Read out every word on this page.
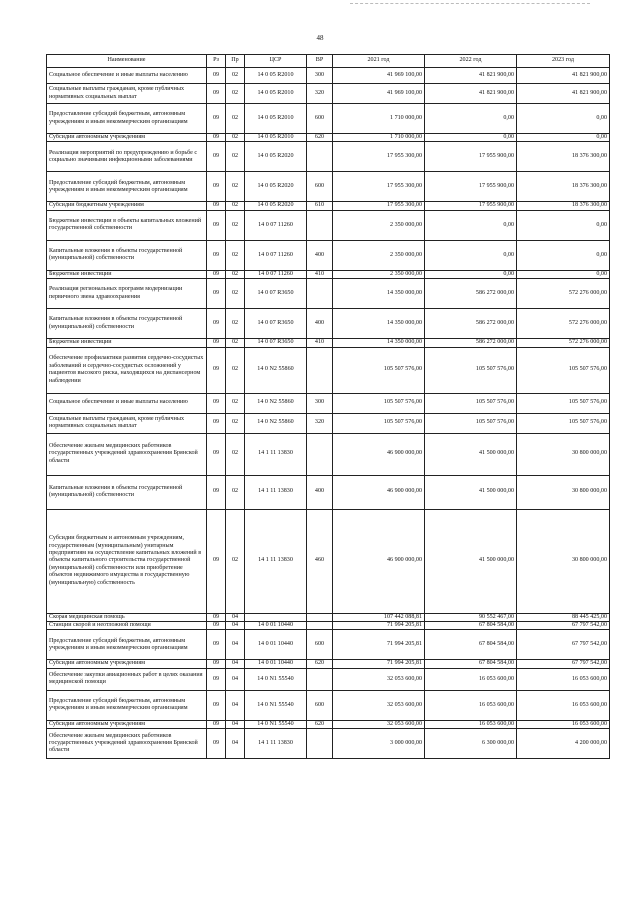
48
Наименование	Рз	Пр	ЦСР	ВР	2021 год	2022 год	2023 год
Социальное обеспечение и иные выплаты населению	09	02	14 0 05 R2010	300	41 969 100,00	41 821 900,00	41 821 900,00
Социальные выплаты гражданам, кроме публичных нормативных социальных выплат	09	02	14 0 05 R2010	320	41 969 100,00	41 821 900,00	41 821 900,00
Предоставление субсидий бюджетным, автономным учреждениям и иным некоммерческим организациям	09	02	14 0 05 R2010	600	1 710 000,00	0,00	0,00
Субсидии автономным учреждениям	09	02	14 0 05 R2010	620	1 710 000,00	0,00	0,00
Реализация мероприятий по предупреждению и борьбе с социально значимыми инфекционными заболеваниями	09	02	14 0 05 R2020		17 955 300,00	17 955 900,00	18 376 300,00
Предоставление субсидий бюджетным, автономным учреждениям и иным некоммерческим организациям	09	02	14 0 05 R2020	600	17 955 300,00	17 955 900,00	18 376 300,00
Субсидии бюджетным учреждениям	09	02	14 0 05 R2020	610	17 955 300,00	17 955 900,00	18 376 300,00
Бюджетные инвестиции в объекты капитальных вложений государственной собственности	09	02	14 0 07 11260		2 350 000,00	0,00	0,00
Капитальные вложения в объекты государственной (муниципальной) собственности	09	02	14 0 07 11260	400	2 350 000,00	0,00	0,00
Бюджетные инвестиции	09	02	14 0 07 11260	410	2 350 000,00	0,00	0,00
Реализация региональных программ модернизации первичного звена здравоохранения	09	02	14 0 07 R3650		14 350 000,00	586 272 000,00	572 276 000,00
Капитальные вложения в объекты государственной (муниципальной) собственности	09	02	14 0 07 R3650	400	14 350 000,00	586 272 000,00	572 276 000,00
Бюджетные инвестиции	09	02	14 0 07 R3650	410	14 350 000,00	586 272 000,00	572 276 000,00
Обеспечение профилактики развития сердечно-сосудистых заболеваний и сердечно-сосудистых осложнений у пациентов высокого риска, находящихся на диспансерном наблюдении	09	02	14 0 N2 55860		105 507 576,00	105 507 576,00	105 507 576,00
Социальное обеспечение и иные выплаты населению	09	02	14 0 N2 55860	300	105 507 576,00	105 507 576,00	105 507 576,00
Социальные выплаты гражданам, кроме публичных нормативных социальных выплат	09	02	14 0 N2 55860	320	105 507 576,00	105 507 576,00	105 507 576,00
Обеспечение жильем медицинских работников государственных учреждений здравоохранения Брянской области	09	02	14 1 11 13830		46 900 000,00	41 500 000,00	30 800 000,00
Капитальные вложения в объекты государственной (муниципальной) собственности	09	02	14 1 11 13830	400	46 900 000,00	41 500 000,00	30 800 000,00
Субсидии бюджетным и автономным учреждениям, государственным (муниципальным) унитарным предприятиям на осуществление капитальных вложений в объекты капитального строительства государственной (муниципальной) собственности или приобретение объектов недвижимого имущества в государственную (муниципальную) собственность	09	02	14 1 11 13830	460	46 900 000,00	41 500 000,00	30 800 000,00
Скорая медицинская помощь	09	04			107 442 088,81	90 552 467,00	88 445 425,00
Станции скорой и неотложной помощи	09	04	14 0 01 10440		71 994 205,81	67 804 584,00	67 797 542,00
Предоставление субсидий бюджетным, автономным учреждениям и иным некоммерческим организациям	09	04	14 0 01 10440	600	71 994 205,81	67 804 584,00	67 797 542,00
Субсидии автономным учреждениям	09	04	14 0 01 10440	620	71 994 205,81	67 804 584,00	67 797 542,00
Обеспечение закупки авиационных работ в целях оказания медицинской помощи	09	04	14 0 N1 55540		32 053 600,00	16 053 600,00	16 053 600,00
Предоставление субсидий бюджетным, автономным учреждениям и иным некоммерческим организациям	09	04	14 0 N1 55540	600	32 053 600,00	16 053 600,00	16 053 600,00
Субсидии автономным учреждениям	09	04	14 0 N1 55540	620	32 053 600,00	16 053 600,00	16 053 600,00
Обеспечение жильем медицинских работников государственных учреждений здравоохранения Брянской области	09	04	14 1 11 13830		3 000 000,00	6 300 000,00	4 200 000,00
